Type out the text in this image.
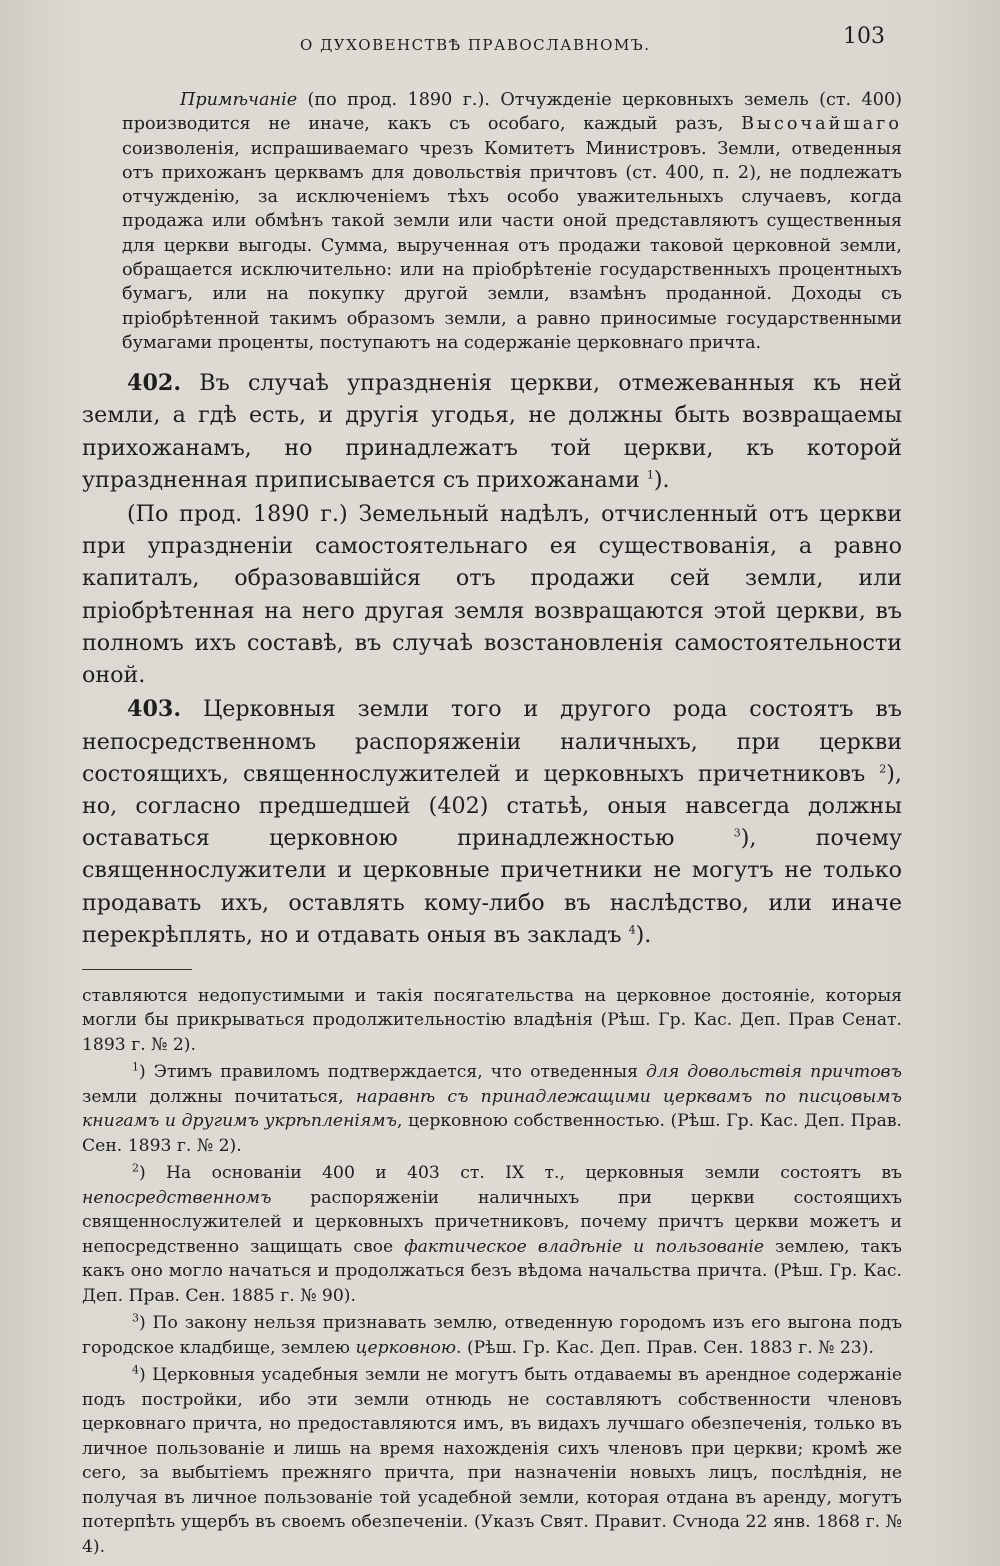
О ДУХОВЕНСТВѢ ПРАВОСЛАВНОМЪ.	103
Примѣчаніе (по прод. 1890 г.). Отчужденіе церковныхъ земель (ст. 400) производится не иначе, какъ съ особаго, каждый разъ, Высочайшаго соизволенія, испрашиваемаго чрезъ Комитетъ Министровъ. Земли, отведенныя отъ прихожанъ церквамъ для довольствія причтовъ (ст. 400, п. 2), не подлежатъ отчужденію, за исключеніемъ тѣхъ особо уважительныхъ случаевъ, когда продажа или обмѣнъ такой земли или части оной представляютъ существенныя для церкви выгоды. Сумма, вырученная отъ продажи таковой церковной земли, обращается исключительно: или на пріобрѣтеніе государственныхъ процентныхъ бумагъ, или на покупку другой земли, взамѣнъ проданной. Доходы съ пріобрѣтенной такимъ образомъ земли, а равно приносимые государственными бумагами проценты, поступаютъ на содержаніе церковнаго причта.

402. Въ случаѣ упраздненія церкви, отмежеванныя къ ней земли, а гдѣ есть, и другія угодья, не должны быть возвращаемы прихожанамъ, но принадлежатъ той церкви, къ которой упраздненная приписывается съ прихожанами $^1$).

(По прод. 1890 г.) Земельный надѣлъ, отчисленный отъ церкви при упраздненіи самостоятельнаго ея существованія, а равно капиталъ, образовавшійся отъ продажи сей земли, или пріобрѣтенная на него другая земля возвращаются этой церкви, въ полномъ ихъ составѣ, въ случаѣ возстановленія самостоятельности оной.

403. Церковныя земли того и другого рода состоятъ въ непосредственномъ распоряженіи наличныхъ, при церкви состоящихъ, священнослужителей и церковныхъ причетниковъ $^2$), но, согласно предшедшей (402) статьѣ, оныя навсегда должны оставаться церковною принадлежностью $^3$), почему священнослужители и церковные причетники не могутъ не только продавать ихъ, оставлять кому-либо въ наслѣдство, или иначе перекрѣплять, но и отдавать оныя въ закладъ $^4$).

ставляются недопустимыми и такія посягательства на церковное достояніе, которыя могли бы прикрываться продолжительностію владѣнія (Рѣш. Гр. Кас. Деп. Прав Сенат. 1893 г. № 2).

$^1$) Этимъ правиломъ подтверждается, что отведенныя для довольствія причтовъ земли должны почитаться, наравнѣ съ принадлежащими церквамъ по писцовымъ книгамъ и другимъ укрѣпленіямъ, церковною собственностью. (Рѣш. Гр. Кас. Деп. Прав. Сен. 1893 г. № 2).

$^2$) На основаніи 400 и 403 ст. IX т., церковныя земли состоятъ въ непосредственномъ распоряженіи наличныхъ при церкви состоящихъ священнослужителей и церковныхъ причетниковъ, почему причтъ церкви можетъ и непосредственно защищать свое фактическое владѣніе и пользованіе землею, такъ какъ оно могло начаться и продолжаться безъ вѣдома начальства причта. (Рѣш. Гр. Кас. Деп. Прав. Сен. 1885 г. № 90).

$^3$) По закону нельзя признавать землю, отведенную городомъ изъ его выгона подъ городское кладбище, землею церковною. (Рѣш. Гр. Кас. Деп. Прав. Сен. 1883 г. № 23).

$^4$) Церковныя усадебныя земли не могутъ быть отдаваемы въ арендное содержаніе подъ постройки, ибо эти земли отнюдь не составляютъ собственности членовъ церковнаго причта, но предоставляются имъ, въ видахъ лучшаго обезпеченія, только въ личное пользованіе и лишь на время нахожденія сихъ членовъ при церкви; кромѣ же сего, за выбытіемъ прежняго причта, при назначеніи новыхъ лицъ, послѣднія, не получая въ личное пользованіе той усадебной земли, которая отдана въ аренду, могутъ потерпѣть ущербъ въ своемъ обезпеченіи. (Указъ Свят. Правит. Сѵнода 22 янв. 1868 г. № 4).
